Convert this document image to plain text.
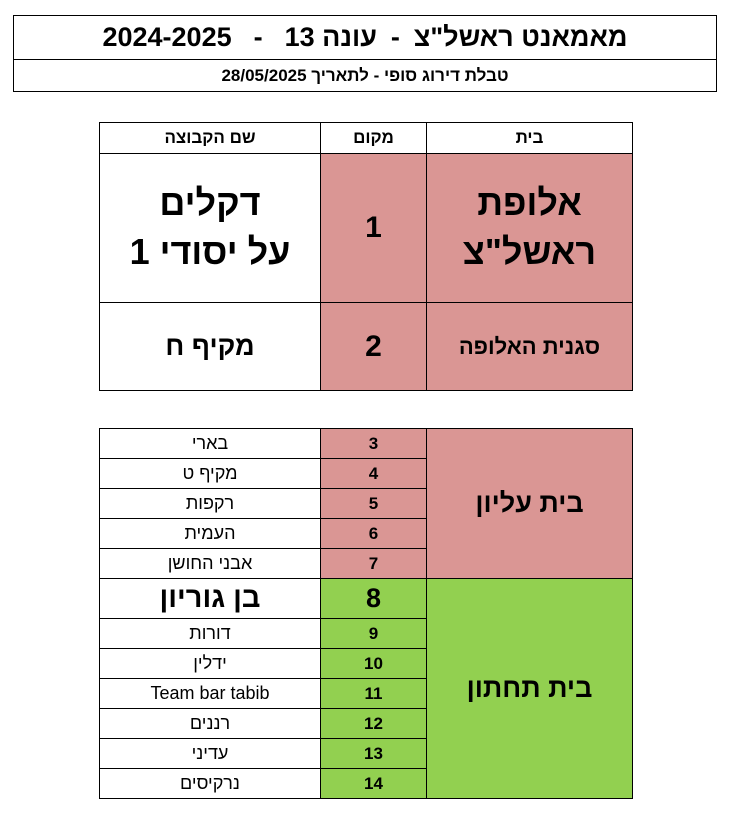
2024-2025 - עונה 13 - מאמאנט ראשל"צ
טבלת דירוג סופי - לתאריך 28/05/2025
שם הקבוצה	מקום	בית

דקלים
על יסודי 1	1	אלופת ראשל"צ
מקיף ח	2	סגנית האלופה
בארי	3	בית עליון
מקיף ט	4	
רקפות	5	
העמית	6	
אבני החושן	7	
בן גוריון	8	בית תחתון
דורות	9	
ידלין	10	
Team bar tabib	11	
רננים	12	
עדיני	13	
נרקיסים	14	
